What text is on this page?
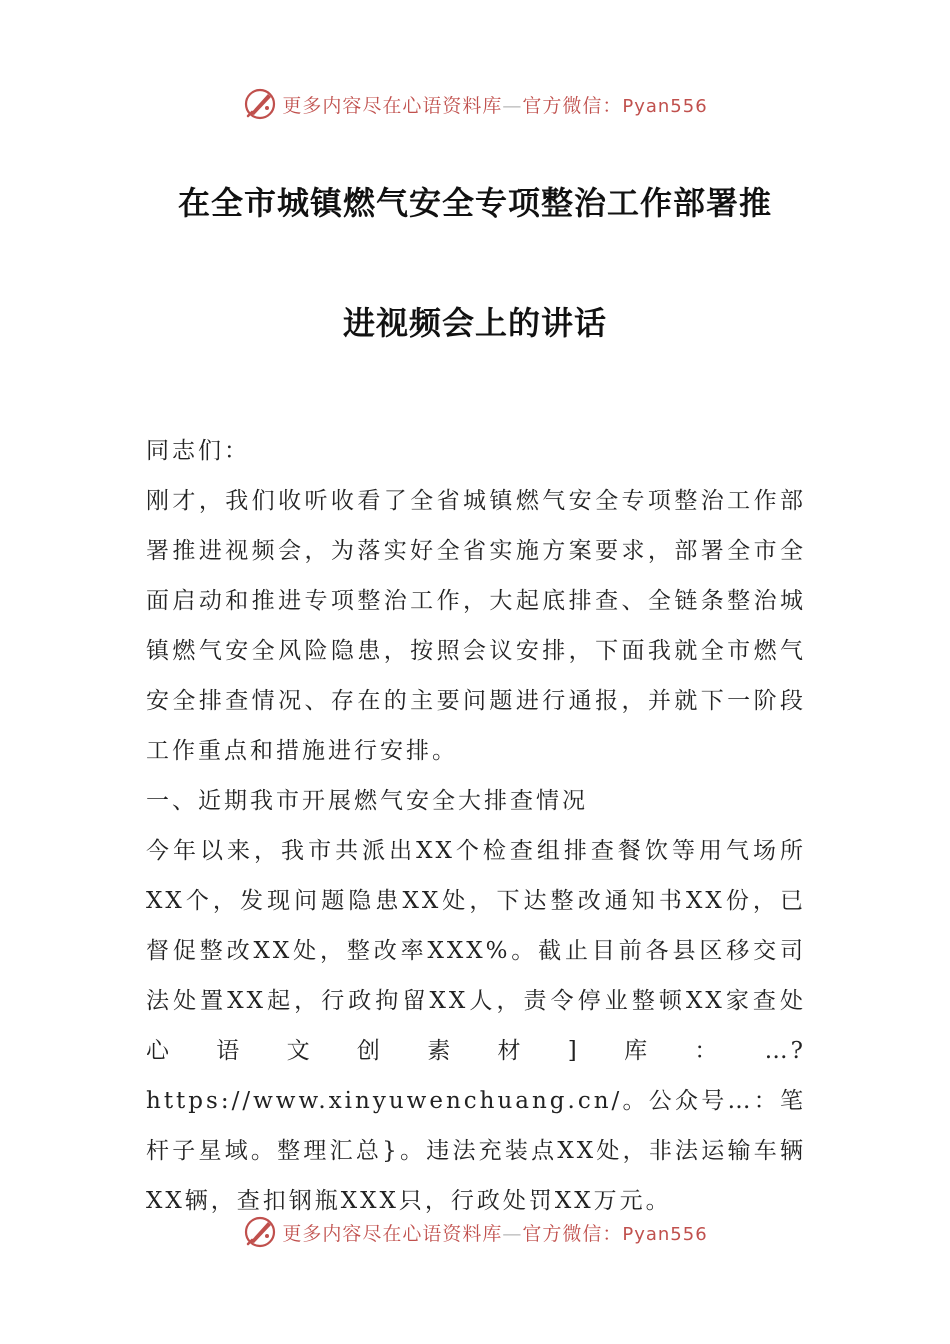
更多内容尽在心语资料库—官方微信：Pyan556
在全市城镇燃气安全专项整治工作部署推
进视频会上的讲话

同志们：

刚才，我们收听收看了全省城镇燃气安全专项整治工作部署推进视频会，为落实好全省实施方案要求，部署全市全面启动和推进专项整治工作，大起底排查、全链条整治城镇燃气安全风险隐患，按照会议安排，下面我就全市燃气安全排查情况、存在的主要问题进行通报，并就下一阶段工作重点和措施进行安排。

一、近期我市开展燃气安全大排查情况

今年以来，我市共派出XX个检查组排查餐饮等用气场所XX个，发现问题隐患XX处，下达整改通知书XX份，已督促整改XX处，整改率XXX%。截止目前各县区移交司法处置XX起，行政拘留XX人，责令停业整顿XX家查处心语文创素材]库：…?https://www.xinyuwenchuang.cn/。公众号…：笔杆子星域。整理汇总}。违法充装点XX处，非法运输车辆XX辆，查扣钢瓶XXX只，行政处罚XX万元。

更多内容尽在心语资料库—官方微信：Pyan556
